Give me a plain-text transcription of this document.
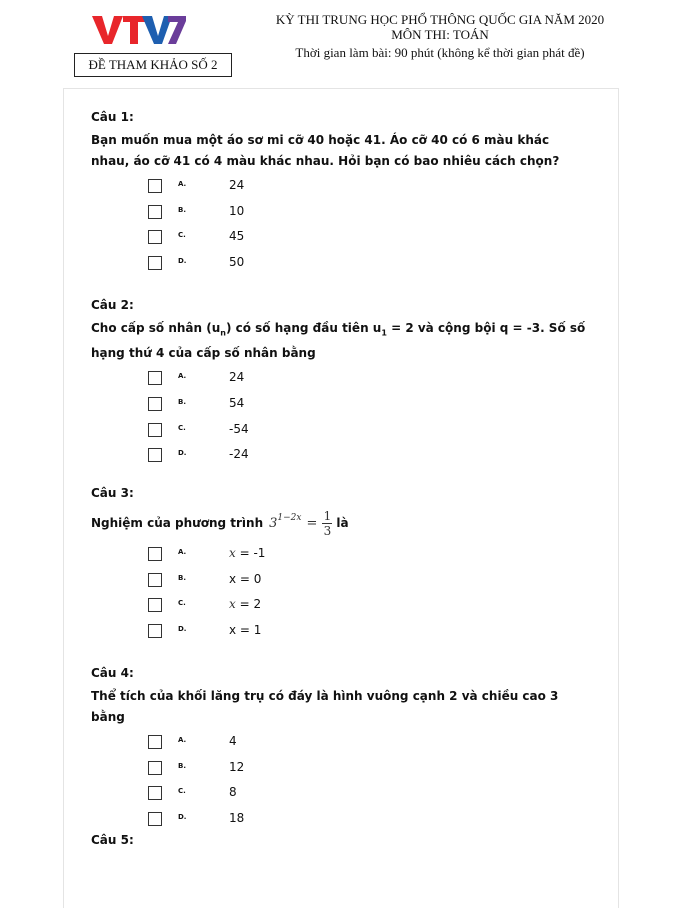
KỲ THI TRUNG HỌC PHỔ THÔNG QUỐC GIA NĂM 2020
MÔN THI: TOÁN
Thời gian làm bài: 90 phút (không kể thời gian phát đề)
ĐỀ THAM KHẢO SỐ 2
Câu 1:
Bạn muốn mua một áo sơ mi cỡ 40 hoặc 41. Áo cỡ 40 có 6 màu khác nhau, áo cỡ 41 có 4 màu khác nhau. Hỏi bạn có bao nhiêu cách chọn?
A.	24
B.	10
C.	45
D.	50
Câu 2:
Cho cấp số nhân $(u_n)$ có số hạng đầu tiên $u_1 = 2$ và cộng bội q = -3. Số số hạng thứ 4 của cấp số nhân bằng
A.	24
B.	54
C.	-54
D.	-24
Câu 3:
Nghiệm của phương trình $3^{1-2x} = 1$
3
là
A.	x = -1
B.	x = 0
C.	x = 2
D.	x = 1
Câu 4:
Thể tích của khối lăng trụ có đáy là hình vuông cạnh 2 và chiều cao 3 bằng
A.	4
B.	12
C.	8
D.	18
Câu 5:
